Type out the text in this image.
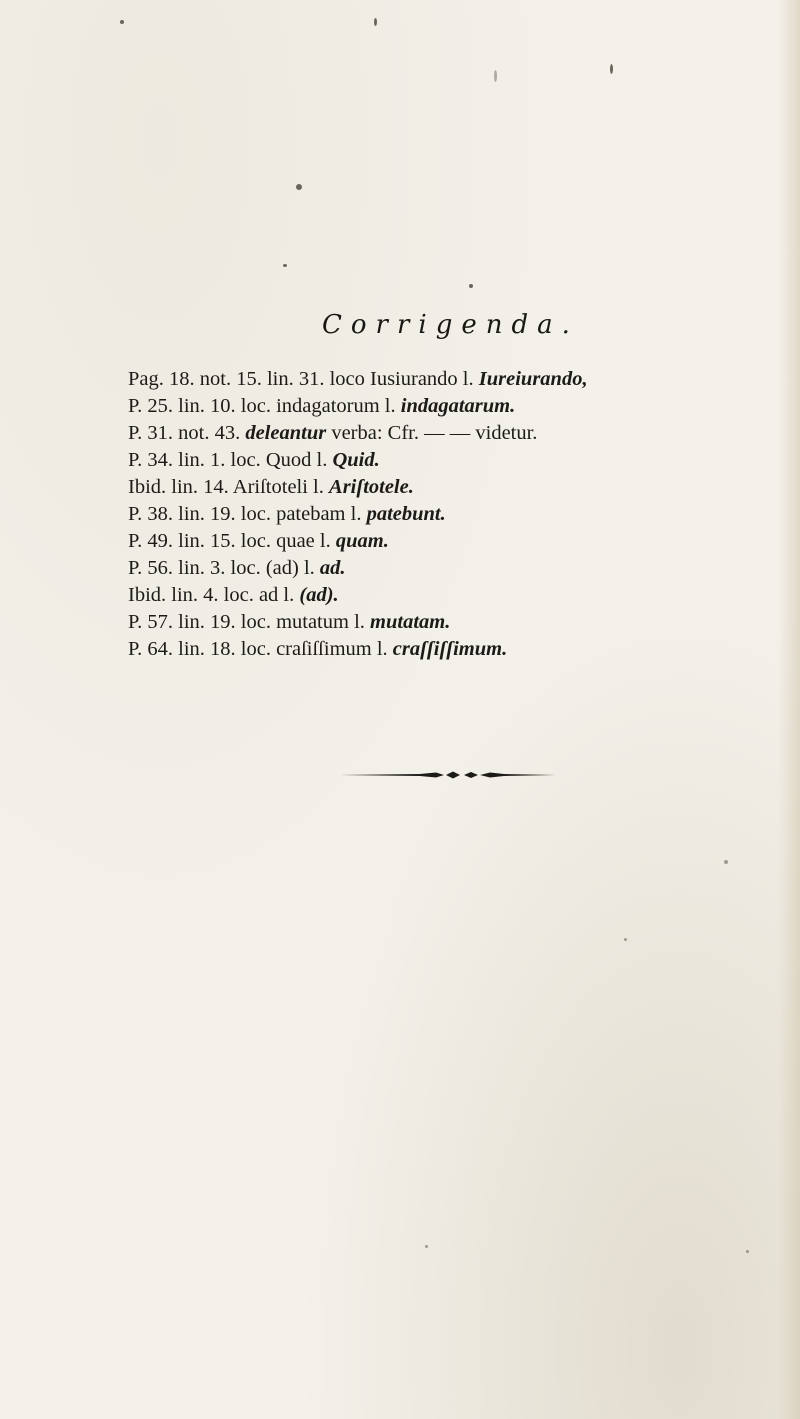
Corrigenda.
Pag. 18. not. 15. lin. 31. loco Iusiurando l. Iureiurando,
P. 25. lin. 10. loc. indagatorum l. indagatarum.
P. 31. not. 43. deleantur verba: Cfr. — — videtur.
P. 34. lin. 1. loc. Quod l. Quid.
Ibid. lin. 14. Ariſtoteli l. Ariſtotele.
P. 38. lin. 19. loc. patebam l. patebunt.
P. 49. lin. 15. loc. quae l. quam.
P. 56. lin. 3. loc. (ad) l. ad.
Ibid. lin. 4. loc. ad l. (ad).
P. 57. lin. 19. loc. mutatum l. mutatam.
P. 64. lin. 18. loc. craſiſſimum l. craſſiſſimum.
